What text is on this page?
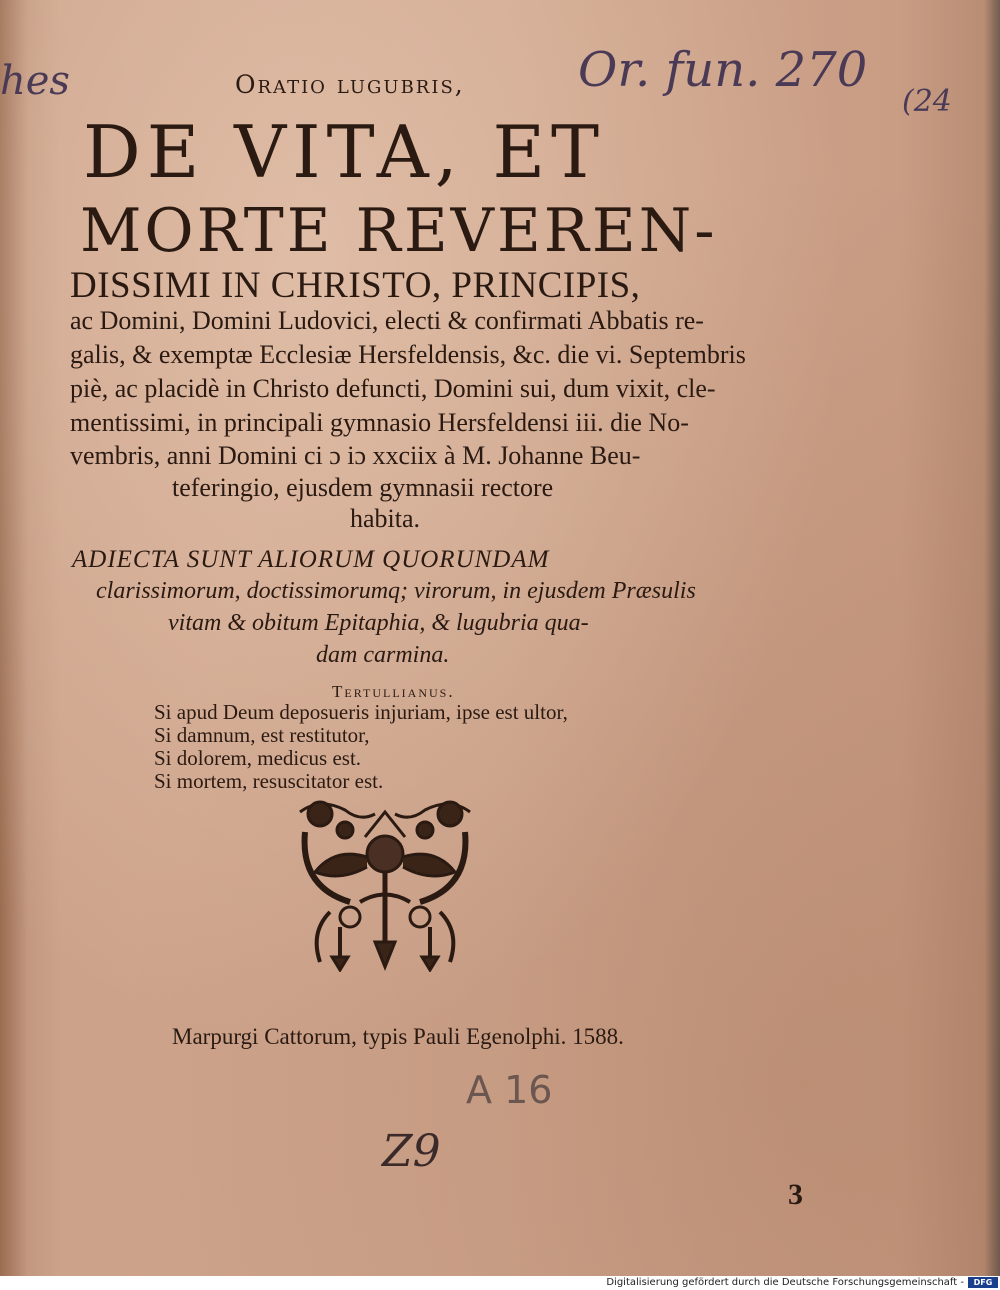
hes	Or. fun. 270
(24
Oratio lugubris,
DE VITA, ET
MORTE REVEREN-
DISSIMI IN CHRISTO, PRINCIPIS,
ac Domini, Domini Ludovici, electi & confirmati Abbatis re-
galis, & exemptæ Ecclesiæ Hersfeldensis, &c. die vi. Septembris
piè, ac placidè in Christo defuncti, Domini sui, dum vixit, cle-
mentissimi, in principali gymnasio Hersfeldensi iii. die No-
vembris, anni Domini ci ɔ iɔ xxciix à M. Johanne Beu-
teferingio, ejusdem gymnasii rectore
habita.
ADIECTA SUNT ALIORUM QUORUNDAM
clarissimorum, doctissimorumq; virorum, in ejusdem Præsulis
vitam & obitum Epitaphia, & lugubria qua-
dam carmina.
Tertullianus.
Si apud Deum deposueris injuriam, ipse est ultor,
Si damnum, est restitutor,
Si dolorem, medicus est.
Si mortem, resuscitator est.
Marpurgi Cattorum, typis Pauli Egenolphi. 1588.
A 16
Z9
3
Digitalisierung gefördert durch die Deutsche Forschungsgemeinschaft -	DFG
